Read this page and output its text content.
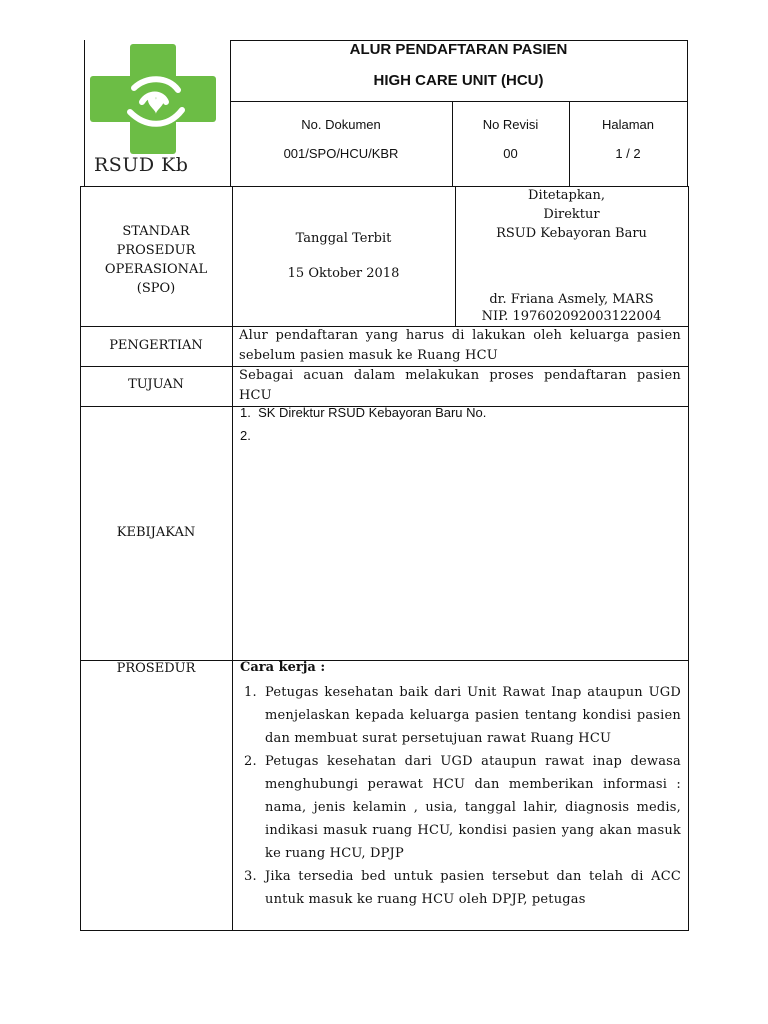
RSUD Kb
ALUR PENDAFTARAN PASIEN
HIGH CARE UNIT (HCU)
No. Dokumen
001/SPO/HCU/KBR
No Revisi
00
Halaman
1 / 2
STANDAR
PROSEDUR
OPERASIONAL
(SPO)
Tanggal Terbit
15 Oktober 2018
Ditetapkan,
Direktur
RSUD Kebayoran Baru
dr. Friana Asmely, MARS
NIP. 197602092003122004
PENGERTIAN
Alur pendaftaran yang harus di lakukan oleh keluarga pasien sebelum pasien masuk ke Ruang HCU
TUJUAN
Sebagai acuan dalam melakukan proses pendaftaran pasien HCU
KEBIJAKAN
1.  SK Direktur RSUD Kebayoran Baru No.
2.
PROSEDUR	Cara kerja :
1. Petugas kesehatan baik dari Unit Rawat Inap ataupun UGD menjelaskan kepada keluarga pasien tentang kondisi pasien dan membuat surat persetujuan rawat Ruang HCU
2. Petugas kesehatan dari UGD ataupun rawat inap dewasa menghubungi perawat HCU dan memberikan informasi : nama, jenis kelamin , usia, tanggal lahir, diagnosis medis, indikasi masuk ruang HCU, kondisi pasien yang akan masuk ke ruang HCU, DPJP
3. Jika tersedia bed untuk pasien tersebut dan telah di ACC untuk masuk ke ruang HCU oleh DPJP, petugas
